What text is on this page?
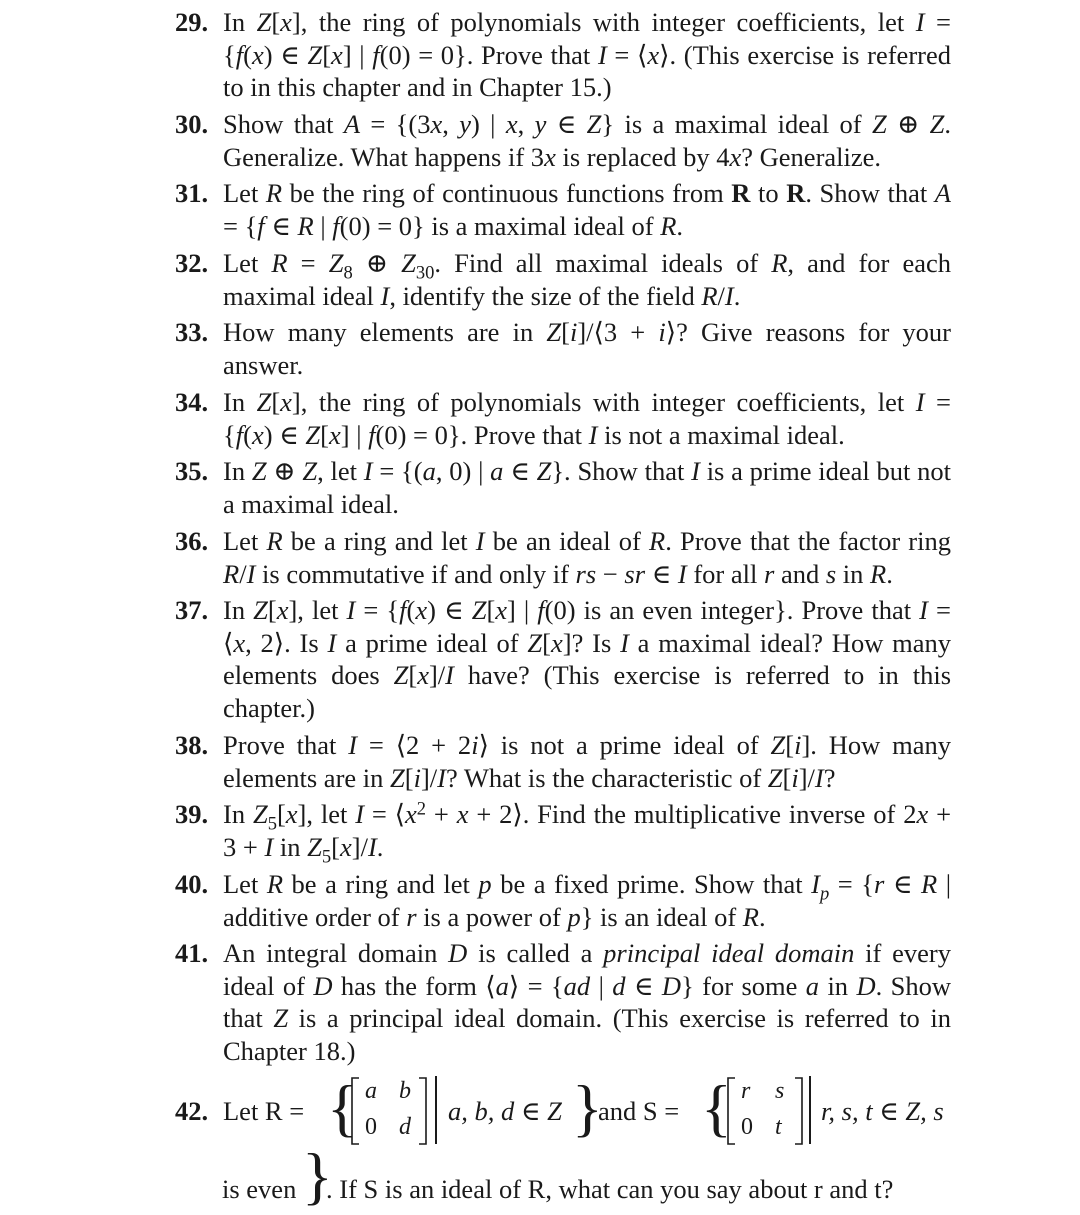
29. In Z[x], the ring of polynomials with integer coefficients, let I = {f(x) ∈ Z[x] | f(0) = 0}. Prove that I = ⟨x⟩. (This exercise is referred to in this chapter and in Chapter 15.)
30. Show that A = {(3x, y) | x, y ∈ Z} is a maximal ideal of Z ⊕ Z. Generalize. What happens if 3x is replaced by 4x? Generalize.
31. Let R be the ring of continuous functions from R to R. Show that A = {f ∈ R | f(0) = 0} is a maximal ideal of R.
32. Let $R = Z_8$ ⊕ $Z_{30}$. Find all maximal ideals of R, and for each maximal ideal I, identify the size of the field R/I.
33. How many elements are in Z[i]/⟨3 + i⟩? Give reasons for your answer.
34. In Z[x], the ring of polynomials with integer coefficients, let I = {f(x) ∈ Z[x] | f(0) = 0}. Prove that I is not a maximal ideal.
35. In Z ⊕ Z, let I = {(a, 0) | a ∈ Z}. Show that I is a prime ideal but not a maximal ideal.
36. Let R be a ring and let I be an ideal of R. Prove that the factor ring R/I is commutative if and only if rs − sr ∈ I for all r and s in R.
37. In Z[x], let I = {f(x) ∈ Z[x] | f(0) is an even integer}. Prove that I = ⟨x, 2⟩. Is I a prime ideal of Z[x]? Is I a maximal ideal? How many elements does Z[x]/I have? (This exercise is referred to in this chapter.)
38. Prove that I = ⟨2 + 2i⟩ is not a prime ideal of Z[i]. How many elements are in Z[i]/I? What is the characteristic of Z[i]/I?
39. In $Z_5[x]$, let $I = ⟨x^2 + x$ + 2⟩. Find the multiplicative inverse of 2x + 3 + I in $Z_5[x]/I$.
40. Let R be a ring and let p be a fixed prime. Show that $I_p = \{r$ ∈ R | additive order of r is a power of p} is an ideal of R.
41. An integral domain D is called a principal ideal domain if every ideal of D has the form ⟨a⟩ = {ad | d ∈ D} for some a in D. Show that Z is a principal ideal domain. (This exercise is referred to in Chapter 18.)
42. Let R = { a b
0 d
a, b, d ∈ Z }
and S = { r s
0 t
r, s, t ∈ Z, s
is even }
. If S is an ideal of R, what can you say about r and t?
